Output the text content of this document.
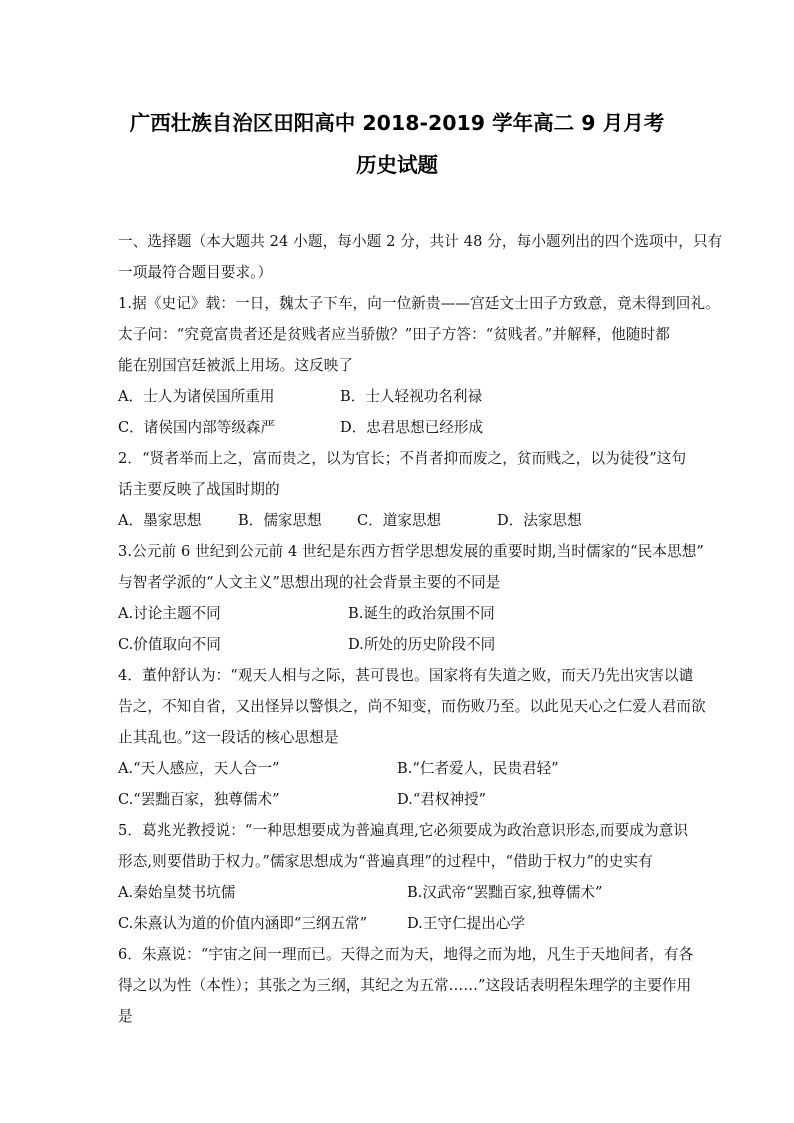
广西壮族自治区田阳高中 2018-2019 学年高二 9 月月考
历史试题
一、选择题（本大题共 24 小题，每小题 2 分，共计 48 分，每小题列出的四个选项中，只有
一项最符合题目要求。）
1.据《史记》载：一日，魏太子下车，向一位新贵——宫廷文士田子方致意，竟未得到回礼。
太子问：“究竟富贵者还是贫贱者应当骄傲？”田子方答：“贫贱者。”并解释，他随时都
能在别国宫廷被派上用场。这反映了
A．士人为诸侯国所重用	B．士人轻视功名利禄
C．诸侯国内部等级森严	D．忠君思想已经形成
2．“贤者举而上之，富而贵之，以为官长；不肖者抑而废之，贫而贱之，以为徒役”这句
话主要反映了战国时期的
A．墨家思想 B．儒家思想 C．道家思想	D．法家思想
3.公元前 6 世纪到公元前 4 世纪是东西方哲学思想发展的重要时期,当时儒家的“民本思想”
与智者学派的“人文主义”思想出现的社会背景主要的不同是
A.讨论主题不同	B.诞生的政治氛围不同
C.价值取向不同	D.所处的历史阶段不同
4．董仲舒认为：“观天人相与之际，甚可畏也。国家将有失道之败，而天乃先出灾害以谴
告之，不知自省，又出怪异以警惧之，尚不知变，而伤败乃至。以此见天心之仁爱人君而欲
止其乱也。”这一段话的核心思想是
A.“天人感应，天人合一”	B.“仁者爱人，民贵君轻”
C.“罢黜百家，独尊儒术”	D.“君权神授”
5．葛兆光教授说：“一种思想要成为普遍真理,它必须要成为政治意识形态,而要成为意识
形态,则要借助于权力。”儒家思想成为“普遍真理”的过程中，“借助于权力”的史实有
A.秦始皇焚书坑儒	B.汉武帝“罢黜百家,独尊儒术”
C.朱熹认为道的价值内涵即“三纲五常”	D.王守仁提出心学
6．朱熹说：“宇宙之间一理而已。天得之而为天，地得之而为地，凡生于天地间者，有各
得之以为性（本性）；其张之为三纲，其纪之为五常……”这段话表明程朱理学的主要作用
是
